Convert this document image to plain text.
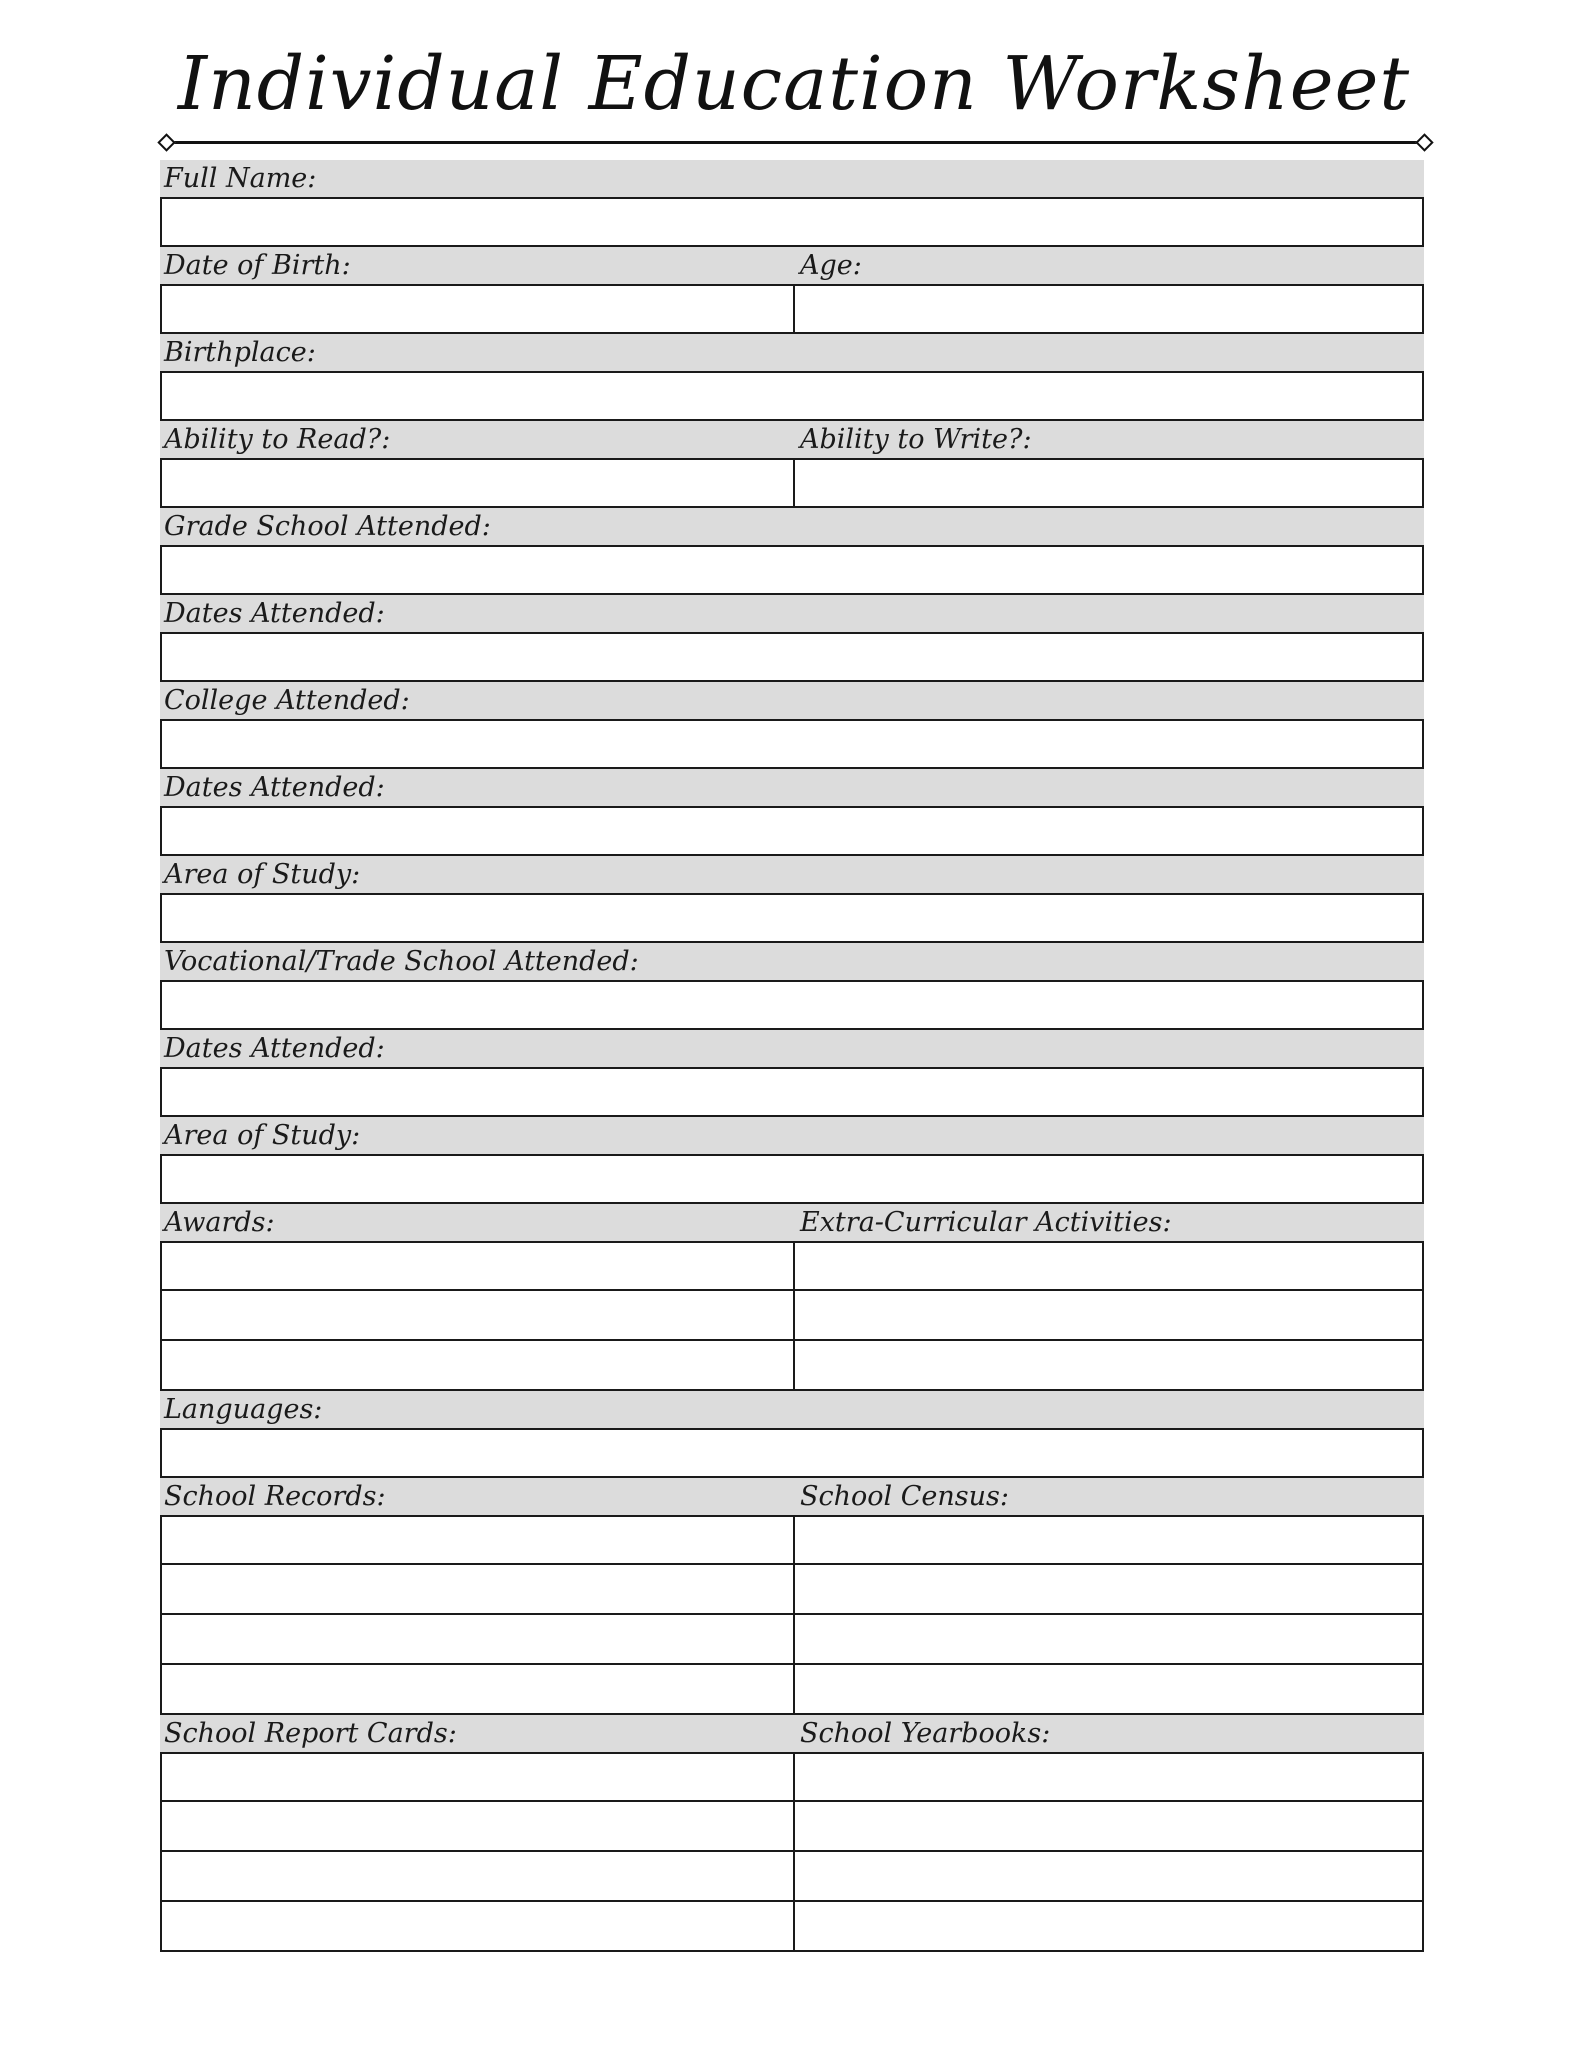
Individual Education Worksheet
Full Name:
Date of Birth:	Age:
Birthplace:
Ability to Read?:	Ability to Write?:
Grade School Attended:
Dates Attended:
College Attended:
Dates Attended:
Area of Study:
Vocational/Trade School Attended:
Dates Attended:
Area of Study:
Awards:	Extra-Curricular Activities:
Languages:
School Records:	School Census:
School Report Cards:	School Yearbooks:
